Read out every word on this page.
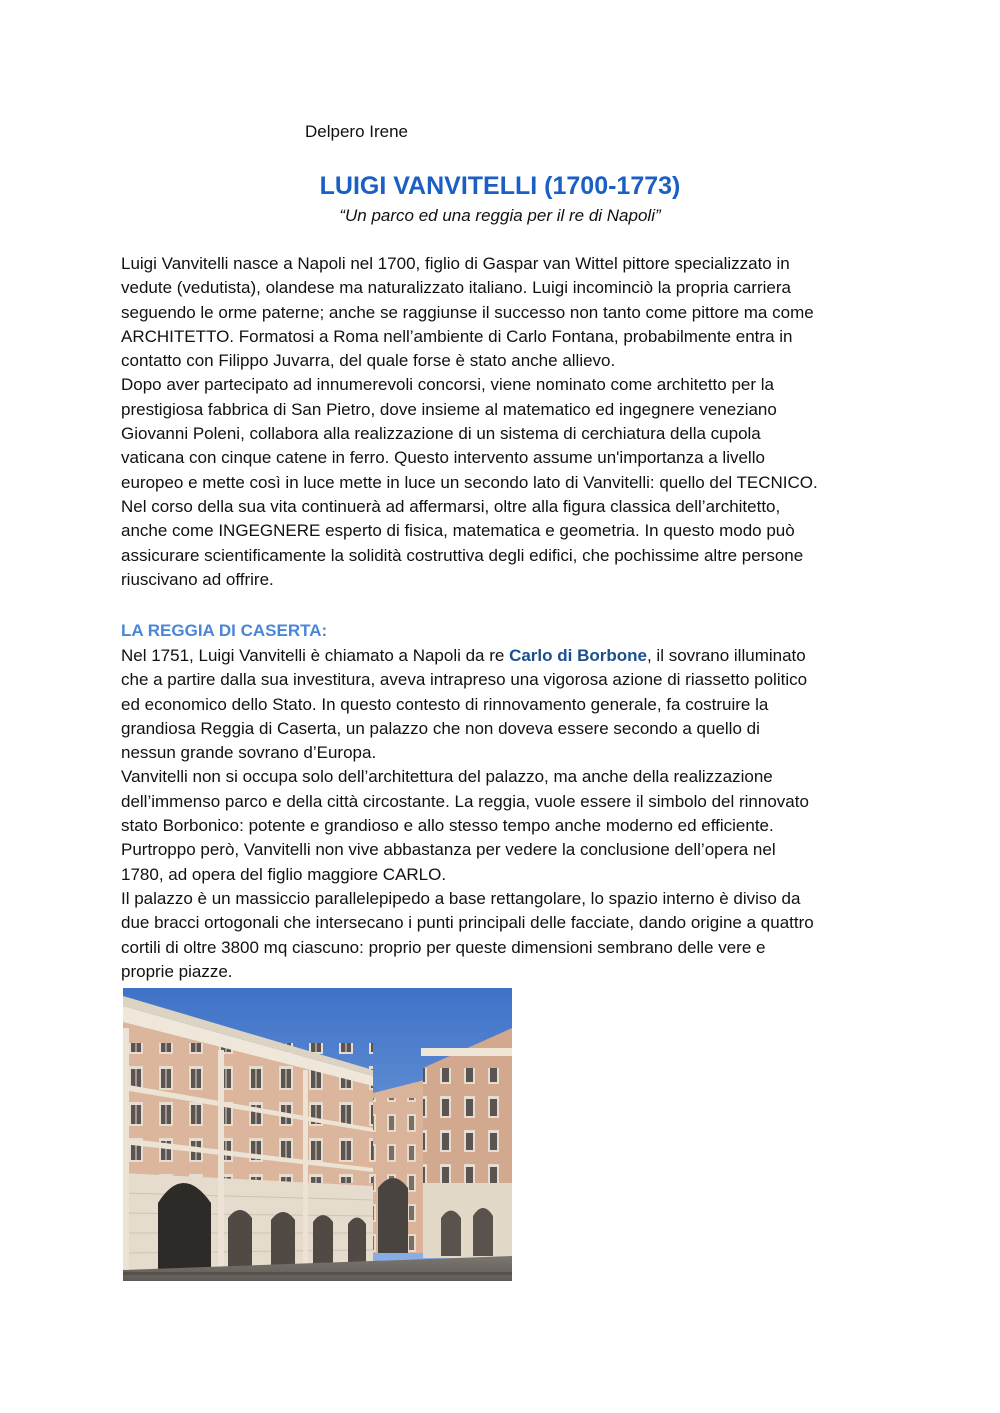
Delpero Irene
LUIGI VANVITELLI (1700-1773)
“Un parco ed una reggia per il re di Napoli”
Luigi Vanvitelli nasce a Napoli nel 1700, figlio di Gaspar van Wittel pittore specializzato in
vedute (vedutista), olandese ma naturalizzato italiano. Luigi incominciò la propria carriera
seguendo le orme paterne; anche se raggiunse il successo non tanto come pittore ma come
ARCHITETTO. Formatosi a Roma nell’ambiente di Carlo Fontana, probabilmente entra in
contatto con Filippo Juvarra, del quale forse è stato anche allievo.
Dopo aver partecipato ad innumerevoli concorsi, viene nominato come architetto per la
prestigiosa fabbrica di San Pietro, dove insieme al matematico ed ingegnere veneziano
Giovanni Poleni, collabora alla realizzazione di un sistema di cerchiatura della cupola
vaticana con cinque catene in ferro. Questo intervento assume un'importanza a livello
europeo e mette così in luce mette in luce un secondo lato di Vanvitelli: quello del TECNICO.
Nel corso della sua vita continuerà ad affermarsi, oltre alla figura classica dell’architetto,
anche come INGEGNERE esperto di fisica, matematica e geometria. In questo modo può
assicurare scientificamente la solidità costruttiva degli edifici, che pochissime altre persone
riuscivano ad offrire.
LA REGGIA DI CASERTA:
Nel 1751, Luigi Vanvitelli è chiamato a Napoli da re Carlo di Borbone, il sovrano illuminato
che a partire dalla sua investitura, aveva intrapreso una vigorosa azione di riassetto politico
ed economico dello Stato. In questo contesto di rinnovamento generale, fa costruire la
grandiosa Reggia di Caserta, un palazzo che non doveva essere secondo a quello di
nessun grande sovrano d’Europa.
Vanvitelli non si occupa solo dell’architettura del palazzo, ma anche della realizzazione
dell’immenso parco e della città circostante. La reggia, vuole essere il simbolo del rinnovato
stato Borbonico: potente e grandioso e allo stesso tempo anche moderno ed efficiente.
Purtroppo però, Vanvitelli non vive abbastanza per vedere la conclusione dell’opera nel
1780, ad opera del figlio maggiore CARLO.
Il palazzo è un massiccio parallelepipedo a base rettangolare, lo spazio interno è diviso da
due bracci ortogonali che intersecano i punti principali delle facciate, dando origine a quattro
cortili di oltre 3800 mq ciascuno: proprio per queste dimensioni sembrano delle vere e
proprie piazze.
